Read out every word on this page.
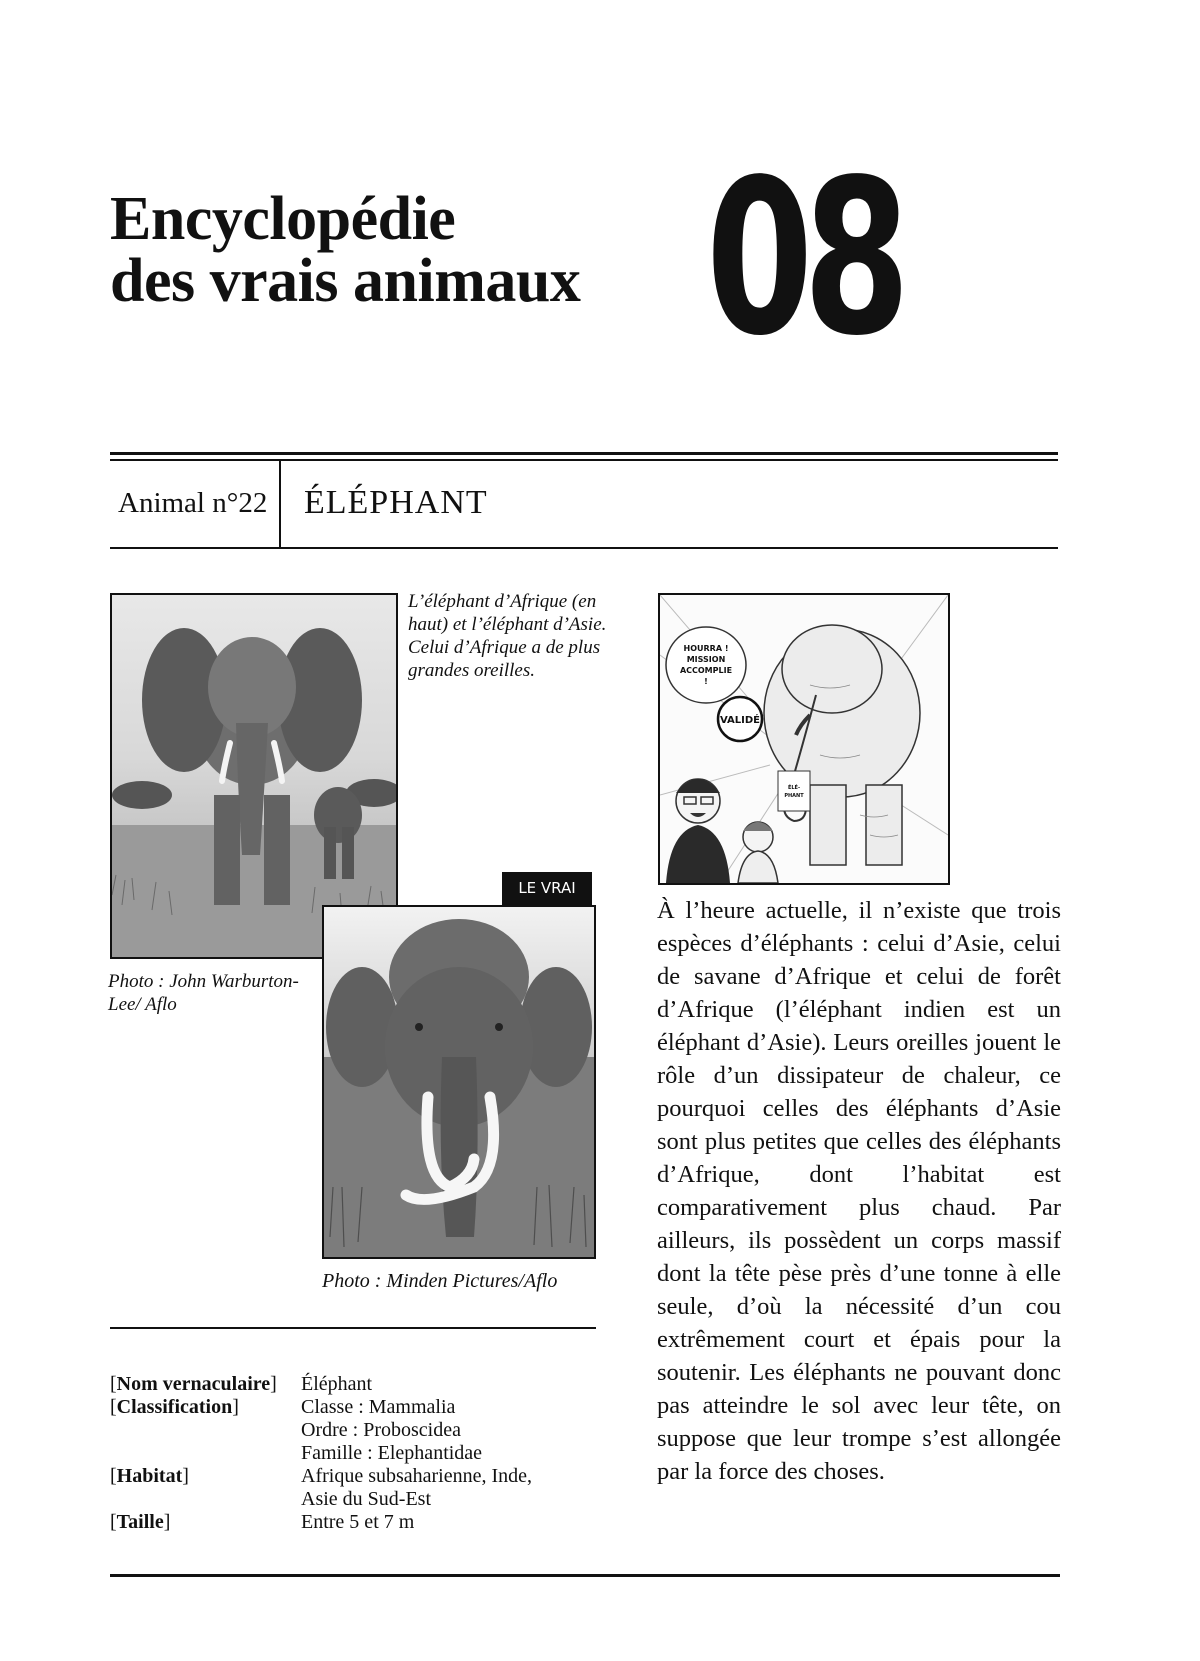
Encyclopédie
des vrais animaux 08
Animal n°22 ÉLÉPHANT
L’éléphant d’Afrique (en haut) et l’éléphant d’Asie. Celui d’Afrique a de plus grandes oreilles.
Photo : John Warburton-Lee/ Aflo
LE VRAI
Photo : Minden Pictures/Aflo
[Nom vernaculaire]	Éléphant
[Classification]	Classe : Mammalia
Ordre : Proboscidea
Famille : Elephantidae
[Habitat]	Afrique subsaharienne, Inde,
Asie du Sud-Est
[Taille]	Entre 5 et 7 m
HOURRA !
MISSION
ACCOMPLIE
!
VALIDÉ
ÉLÉ-
PHANT
À l’heure actuelle, il n’existe que trois espèces d’éléphants : celui d’Asie, celui de savane d’Afrique et celui de forêt d’Afrique (l’éléphant indien est un éléphant d’Asie). Leurs oreilles jouent le rôle d’un dissipateur de chaleur, ce pourquoi celles des éléphants d’Asie sont plus petites que celles des éléphants d’Afrique, dont l’habitat est comparativement plus chaud. Par ailleurs, ils possèdent un corps massif dont la tête pèse près d’une tonne à elle seule, d’où la nécessité d’un cou extrêmement court et épais pour la soutenir. Les éléphants ne pouvant donc pas atteindre le sol avec leur tête, on suppose que leur trompe s’est allongée par la force des choses.
